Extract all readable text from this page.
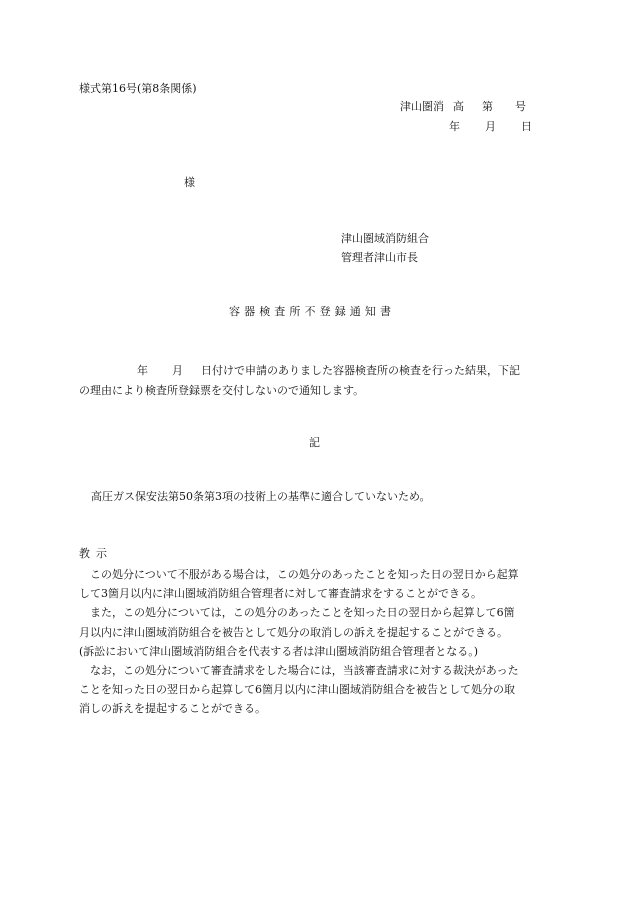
様式第16号(第8条関係)
津山圏消 高 第 号
年 月 日
様
津山圏域消防組合
管理者津山市長
容器検査所不登録通知書
年 月 日付けで申請のありました容器検査所の検査を行った結果，下記
の理由により検査所登録票を交付しないので通知します。
記
高圧ガス保安法第50条第3項の技術上の基準に適合していないため。
教示
この処分について不服がある場合は，この処分のあったことを知った日の翌日から起算
して3箇月以内に津山圏域消防組合管理者に対して審査請求をすることができる。
また，この処分については，この処分のあったことを知った日の翌日から起算して6箇
月以内に津山圏域消防組合を被告として処分の取消しの訴えを提起することができる。
(訴訟において津山圏域消防組合を代表する者は津山圏域消防組合管理者となる。)
なお，この処分について審査請求をした場合には，当該審査請求に対する裁決があった
ことを知った日の翌日から起算して6箇月以内に津山圏域消防組合を被告として処分の取
消しの訴えを提起することができる。
